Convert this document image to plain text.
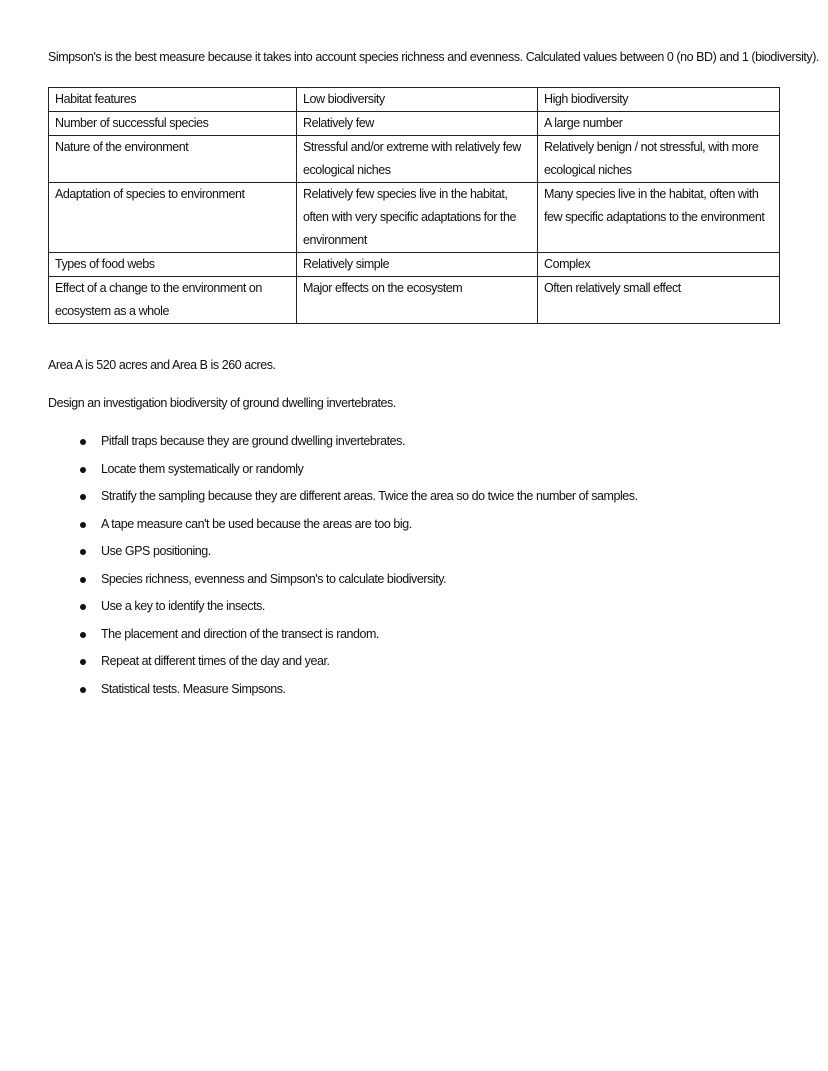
Simpson's is the best measure because it takes into account species richness and evenness. Calculated values between 0 (no BD) and 1 (biodiversity).
Habitat features	Low biodiversity	High biodiversity
Number of successful species	Relatively few	A large number
Nature of the environment	Stressful and/or extreme with relatively few ecological niches	Relatively benign / not stressful, with more ecological niches
Adaptation of species to environment	Relatively few species live in the habitat, often with very specific adaptations for the environment	Many species live in the habitat, often with few specific adaptations to the environment
Types of food webs	Relatively simple	Complex
Effect of a change to the environment on ecosystem as a whole	Major effects on the ecosystem	Often relatively small effect
Area A is 520 acres and Area B is 260 acres.
Design an investigation biodiversity of ground dwelling invertebrates.
Pitfall traps because they are ground dwelling invertebrates.
Locate them systematically or randomly
Stratify the sampling because they are different areas. Twice the area so do twice the number of samples.
A tape measure can't be used because the areas are too big.
Use GPS positioning.
Species richness, evenness and Simpson's to calculate biodiversity.
Use a key to identify the insects.
The placement and direction of the transect is random.
Repeat at different times of the day and year.
Statistical tests. Measure Simpsons.
